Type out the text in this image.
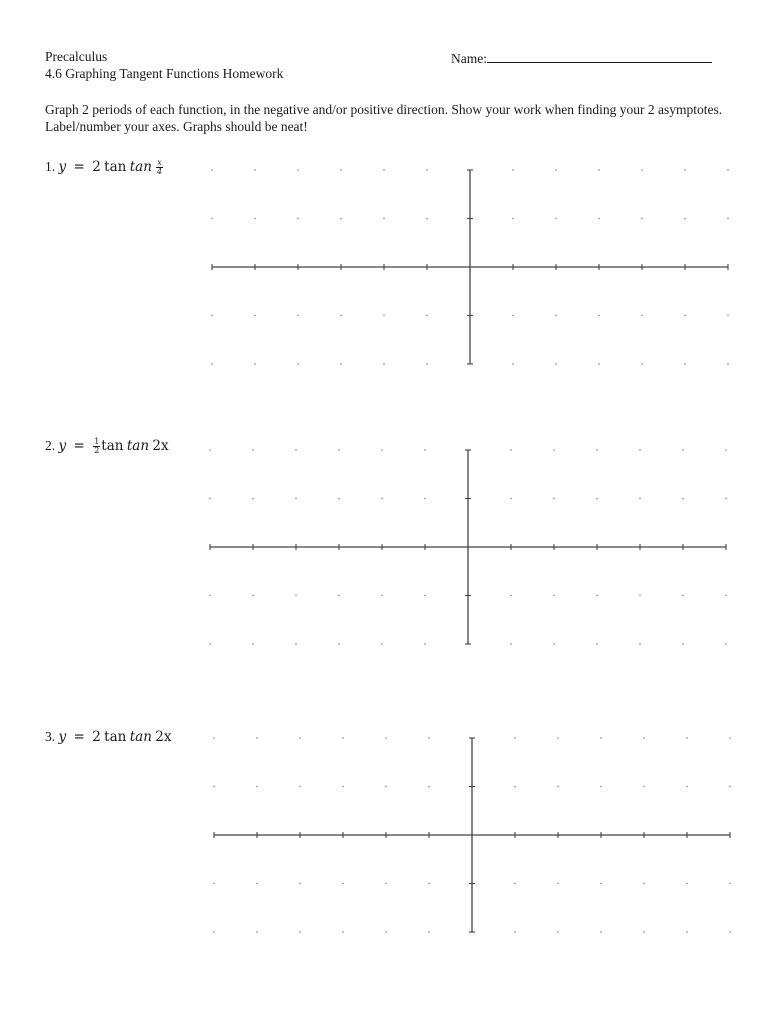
Precalculus
4.6 Graphing Tangent Functions Homework
Name:
Graph 2 periods of each function, in the negative and/or positive direction. Show your work when finding your 2 asymptotes. Label/number your axes. Graphs should be neat!
1. y = 2 $\tan \tan \frac{x}{4}$
2. $y = \frac{1}{2}$ tan tan 2x
3. y = 2 tan tan 2x
